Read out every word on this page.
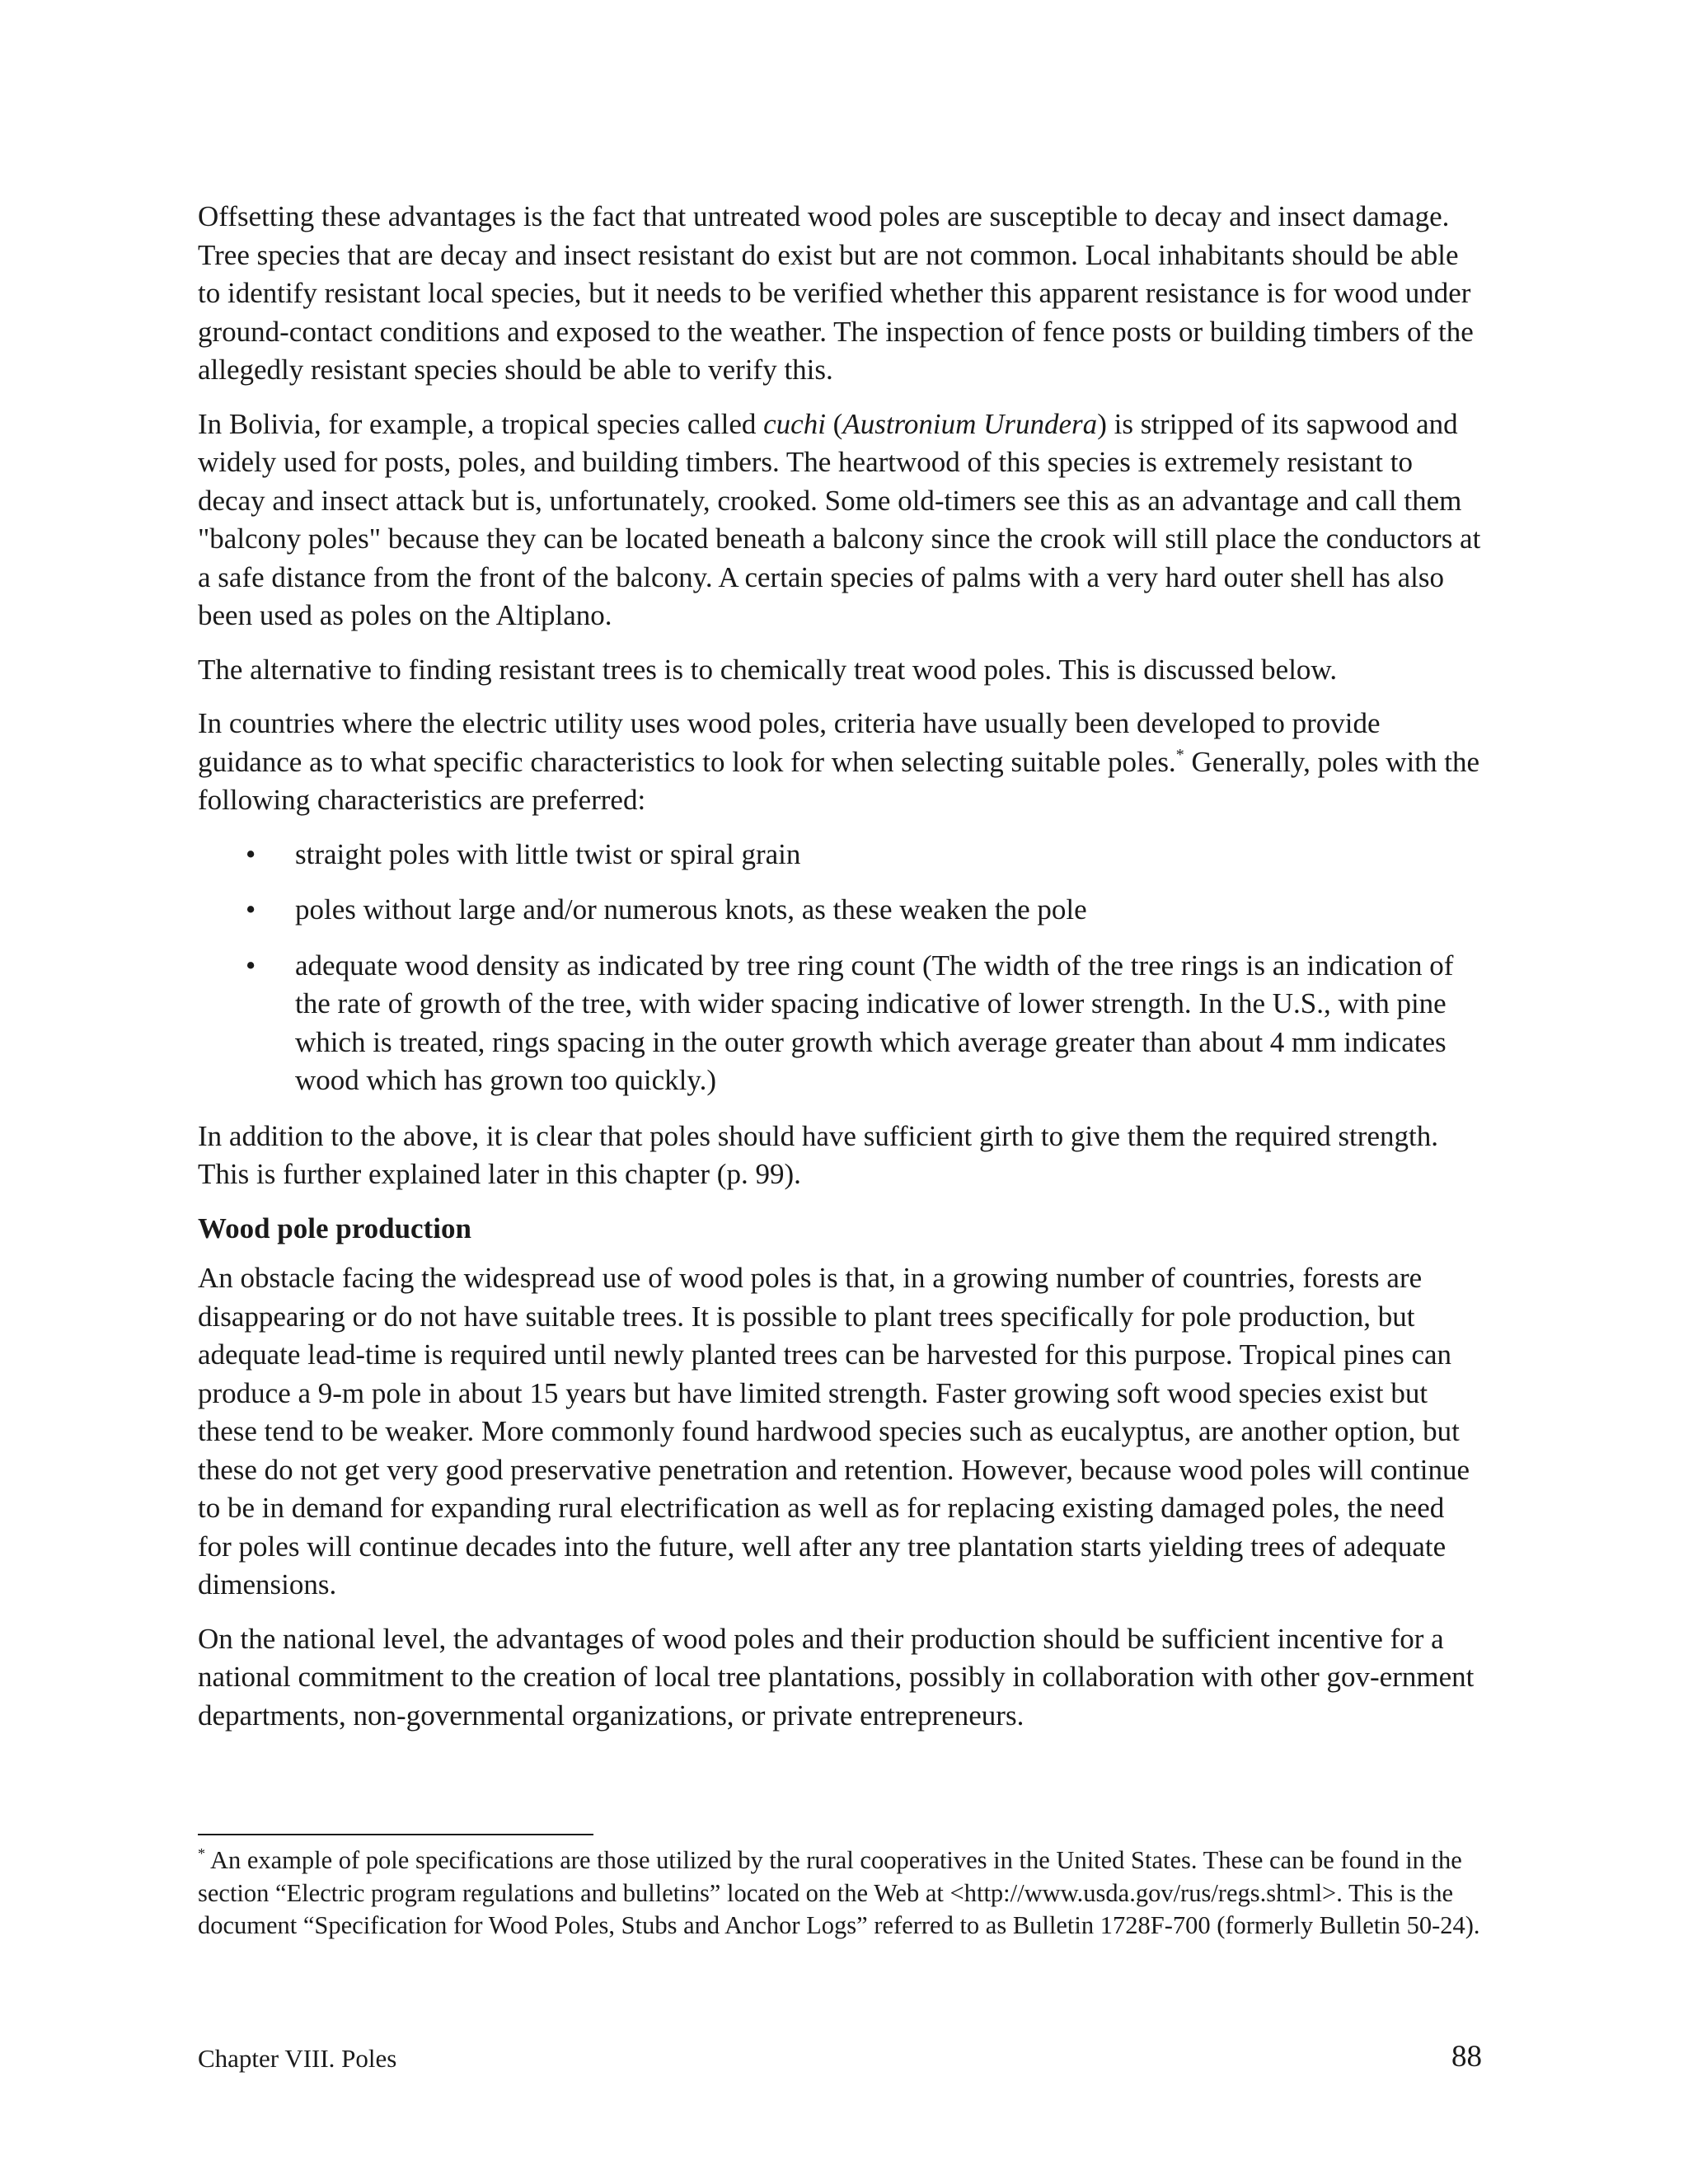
Offsetting these advantages is the fact that untreated wood poles are susceptible to decay and insect damage. Tree species that are decay and insect resistant do exist but are not common. Local inhabitants should be able to identify resistant local species, but it needs to be verified whether this apparent resistance is for wood under ground-contact conditions and exposed to the weather. The inspection of fence posts or building timbers of the allegedly resistant species should be able to verify this.

In Bolivia, for example, a tropical species called cuchi (Austronium Urundera) is stripped of its sapwood and widely used for posts, poles, and building timbers. The heartwood of this species is extremely resistant to decay and insect attack but is, unfortunately, crooked. Some old-timers see this as an advantage and call them "balcony poles" because they can be located beneath a balcony since the crook will still place the conductors at a safe distance from the front of the balcony. A certain species of palms with a very hard outer shell has also been used as poles on the Altiplano.

The alternative to finding resistant trees is to chemically treat wood poles. This is discussed below.

In countries where the electric utility uses wood poles, criteria have usually been developed to provide guidance as to what specific characteristics to look for when selecting suitable poles.* Generally, poles with the following characteristics are preferred:

• straight poles with little twist or spiral grain
• poles without large and/or numerous knots, as these weaken the pole
• adequate wood density as indicated by tree ring count (The width of the tree rings is an indication of the rate of growth of the tree, with wider spacing indicative of lower strength. In the U.S., with pine which is treated, rings spacing in the outer growth which average greater than about 4 mm indicates wood which has grown too quickly.)

In addition to the above, it is clear that poles should have sufficient girth to give them the required strength. This is further explained later in this chapter (p. 99).

Wood pole production

An obstacle facing the widespread use of wood poles is that, in a growing number of countries, forests are disappearing or do not have suitable trees. It is possible to plant trees specifically for pole production, but adequate lead-time is required until newly planted trees can be harvested for this purpose. Tropical pines can produce a 9-m pole in about 15 years but have limited strength. Faster growing soft wood species exist but these tend to be weaker. More commonly found hardwood species such as eucalyptus, are another option, but these do not get very good preservative penetration and retention. However, because wood poles will continue to be in demand for expanding rural electrification as well as for replacing existing damaged poles, the need for poles will continue decades into the future, well after any tree plantation starts yielding trees of adequate dimensions.

On the national level, the advantages of wood poles and their production should be sufficient incentive for a national commitment to the creation of local tree plantations, possibly in collaboration with other gov-ernment departments, non-governmental organizations, or private entrepreneurs.

* An example of pole specifications are those utilized by the rural cooperatives in the United States. These can be found in the section “Electric program regulations and bulletins” located on the Web at <http://www.usda.gov/rus/regs.shtml>. This is the document “Specification for Wood Poles, Stubs and Anchor Logs” referred to as Bulletin 1728F-700 (formerly Bulletin 50-24).
Chapter VIII. Poles	88
